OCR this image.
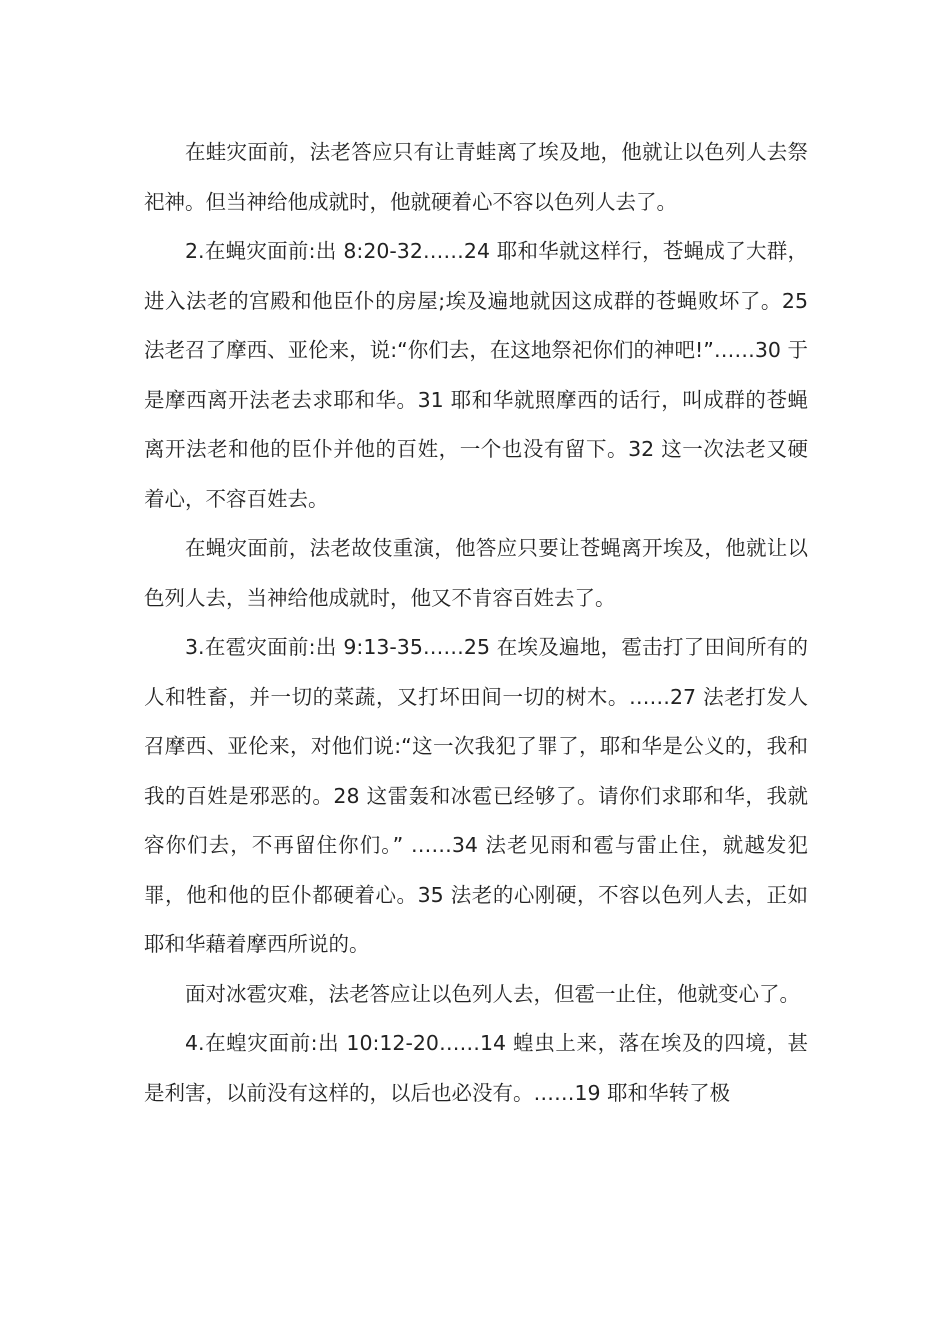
在蛙灾面前，法老答应只有让青蛙离了埃及地，他就让以色列人去祭祀神。但当神给他成就时，他就硬着心不容以色列人去了。

2.在蝇灾面前:出 8:20-32……24 耶和华就这样行，苍蝇成了大群，进入法老的宫殿和他臣仆的房屋;埃及遍地就因这成群的苍蝇败坏了。25 法老召了摩西、亚伦来，说:“你们去，在这地祭祀你们的神吧!”……30 于是摩西离开法老去求耶和华。31 耶和华就照摩西的话行，叫成群的苍蝇离开法老和他的臣仆并他的百姓，一个也没有留下。32 这一次法老又硬着心，不容百姓去。

在蝇灾面前，法老故伎重演，他答应只要让苍蝇离开埃及，他就让以色列人去，当神给他成就时，他又不肯容百姓去了。

3.在雹灾面前:出 9:13-35……25 在埃及遍地，雹击打了田间所有的人和牲畜，并一切的菜蔬，又打坏田间一切的树木。……27 法老打发人召摩西、亚伦来，对他们说:“这一次我犯了罪了，耶和华是公义的，我和我的百姓是邪恶的。28 这雷轰和冰雹已经够了。请你们求耶和华，我就容你们去，不再留住你们。” ……34 法老见雨和雹与雷止住，就越发犯罪，他和他的臣仆都硬着心。35 法老的心刚硬，不容以色列人去，正如耶和华藉着摩西所说的。

面对冰雹灾难，法老答应让以色列人去，但雹一止住，他就变心了。

4.在蝗灾面前:出 10:12-20……14 蝗虫上来，落在埃及的四境，甚是利害，以前没有这样的，以后也必没有。……19 耶和华转了极
